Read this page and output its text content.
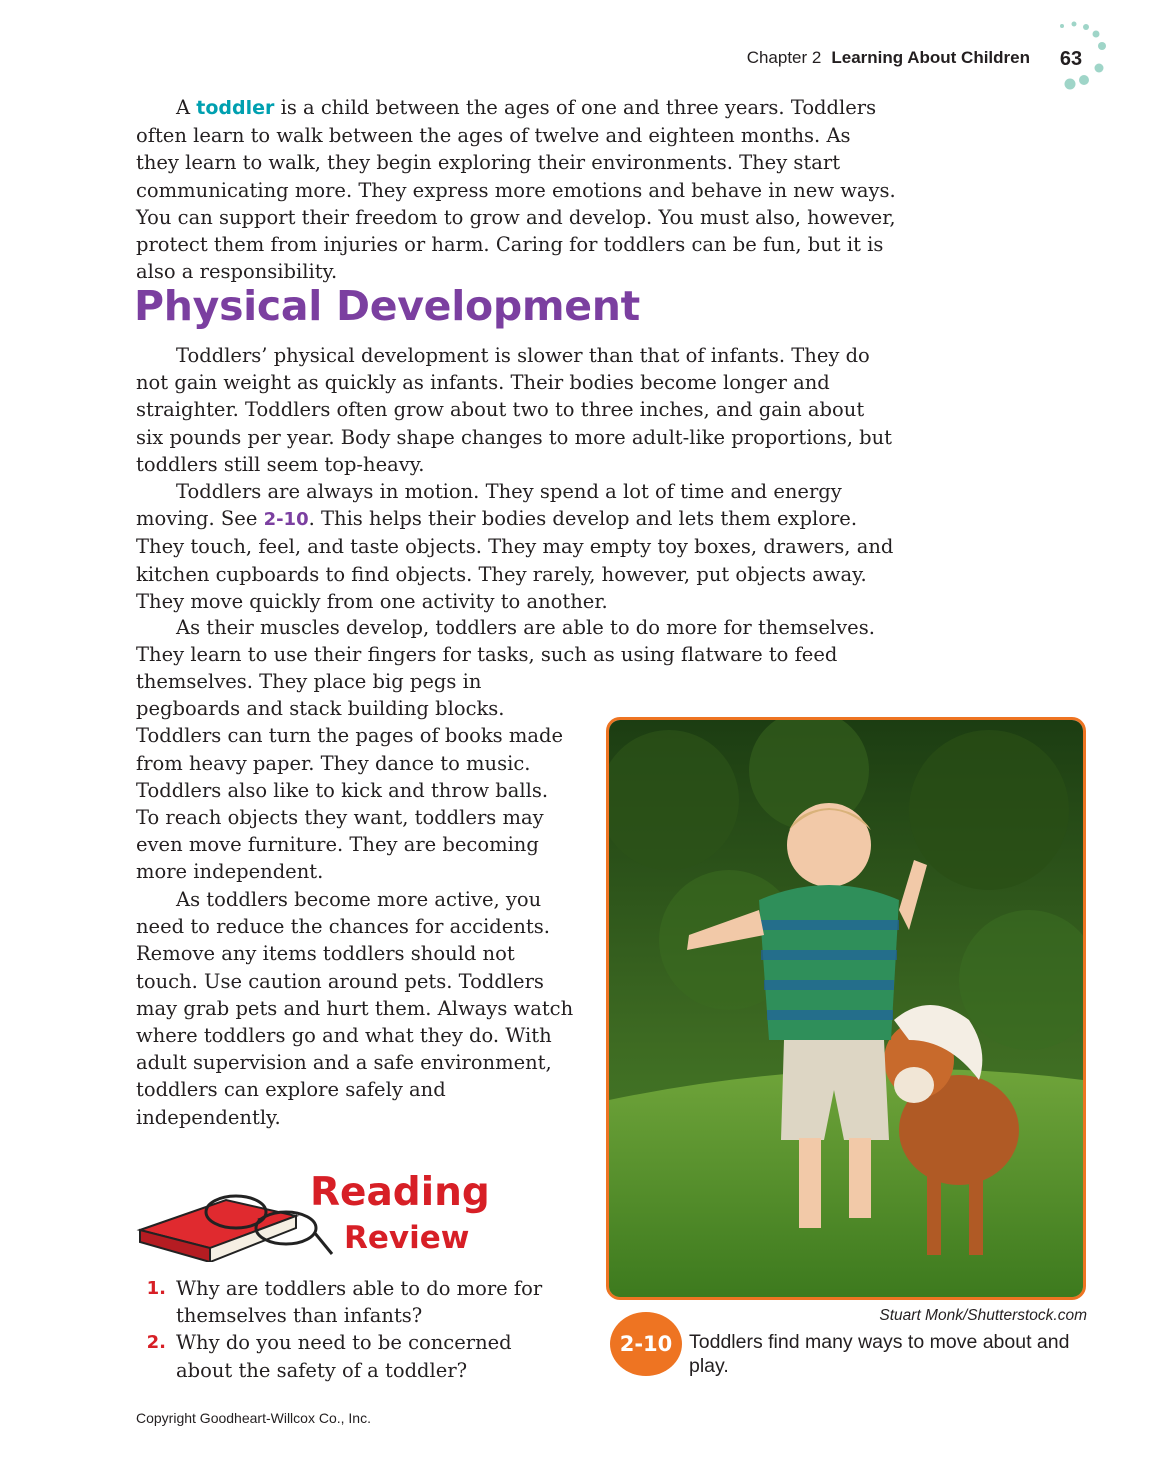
Chapter 2 Learning About Children	63

A toddler is a child between the ages of one and three years. Toddlers often learn to walk between the ages of twelve and eighteen months. As they learn to walk, they begin exploring their environments. They start communicating more. They express more emotions and behave in new ways. You can support their freedom to grow and develop. You must also, however, protect them from injuries or harm. Caring for toddlers can be fun, but it is also a responsibility.

Physical Development

Toddlers’ physical development is slower than that of infants. They do not gain weight as quickly as infants. Their bodies become longer and straighter. Toddlers often grow about two to three inches, and gain about six pounds per year. Body shape changes to more adult-like proportions, but toddlers still seem top-heavy.

Toddlers are always in motion. They spend a lot of time and energy moving. See 2-10. This helps their bodies develop and lets them explore. They touch, feel, and taste objects. They may empty toy boxes, drawers, and kitchen cupboards to find objects. They rarely, however, put objects away. They move quickly from one activity to another.

As their muscles develop, toddlers are able to do more for themselves. They learn to use their fingers for tasks, such as using flatware to feed

themselves. They place big pegs in pegboards and stack building blocks. Toddlers can turn the pages of books made from heavy paper. They dance to music. Toddlers also like to kick and throw balls. To reach objects they want, toddlers may even move furniture. They are becoming more independent.

As toddlers become more active, you need to reduce the chances for accidents. Remove any items toddlers should not touch. Use caution around pets. Toddlers may grab pets and hurt them. Always watch where toddlers go and what they do. With adult supervision and a safe environment, toddlers can explore safely and independently.

Stuart Monk/Shutterstock.com
2-10 Toddlers find many ways to move about and play.
Reading
Review
1. Why are toddlers able to do more for themselves than infants?
2. Why do you need to be concerned about the safety of a toddler?
Copyright Goodheart-Willcox Co., Inc.
